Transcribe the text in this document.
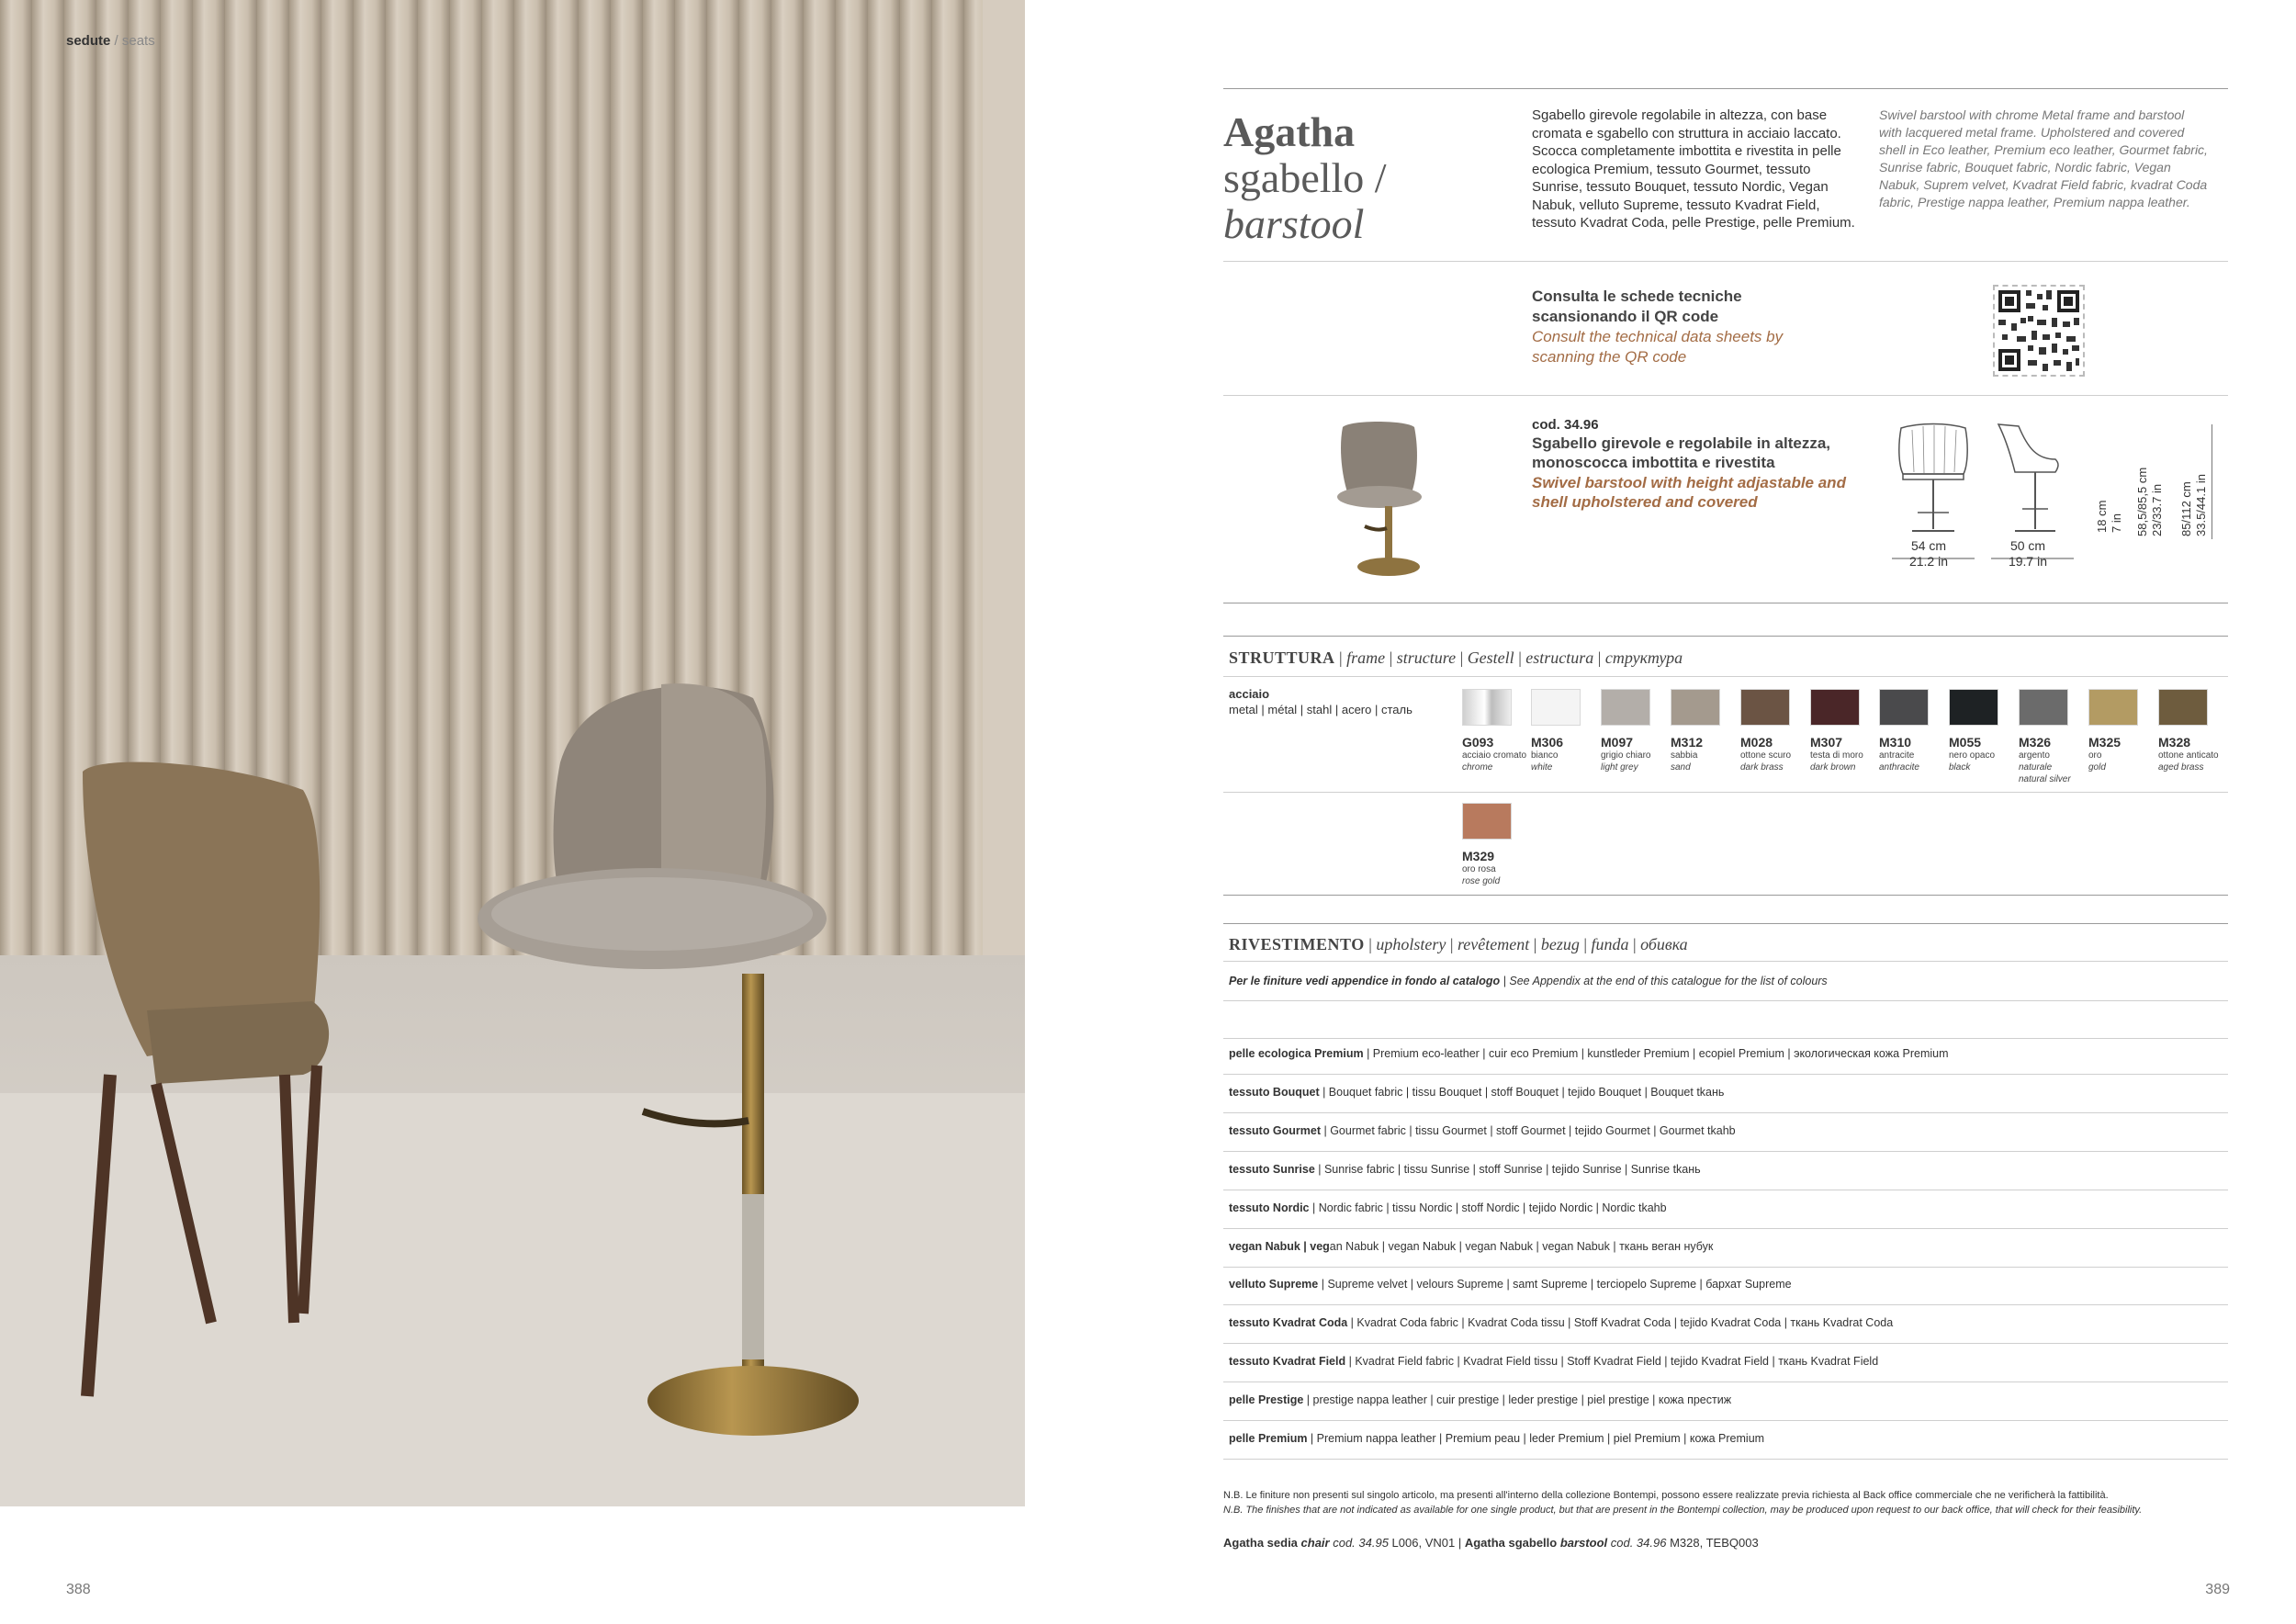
sedute / seats
Agatha
sgabello /
barstool
Sgabello girevole regolabile in altezza, con base cromata e sgabello con struttura in acciaio laccato. Scocca completamente imbottita e rivestita in pelle ecologica Premium, tessuto Gourmet, tessuto Sunrise, tessuto Bouquet, tessuto Nordic, Vegan Nabuk, velluto Supreme, tessuto Kvadrat Field, tessuto Kvadrat Coda, pelle Prestige, pelle Premium.
Swivel barstool with chrome Metal frame and barstool with lacquered metal frame. Upholstered and covered shell in Eco leather, Premium eco leather, Gourmet fabric, Sunrise fabric, Bouquet fabric, Nordic fabric, Vegan Nabuk, Suprem velvet, Kvadrat Field fabric, kvadrat Coda fabric, Prestige nappa leather, Premium nappa leather.
Consulta le schede tecniche scansionando il QR code
Consult the technical data sheets by scanning the QR code
cod. 34.96
Sgabello girevole e regolabile in altezza, monoscocca imbottita e rivestita
Swivel barstool with height adjastable and shell upholstered and covered
54 cm
21.2 in
50 cm
19.7 in
18 cm 7 in 58,5/85,5 cm 23/33.7 in 85/112 cm 33.5/44.1 in
STRUTTURA | frame | structure | Gestell | estructura | структура
acciaio
metal | métal | stahl | acero | сталь
G093
acciaio cromato
chrome
M306
bianco
white
M097
grigio chiaro
light grey
M312
sabbia
sand
M028
ottone scuro
dark brass
M307
testa di moro
dark brown
M310
antracite
anthracite
M055
nero opaco
black
M326
argento
naturale
natural silver
M325
oro
gold
M328
ottone anticato
aged brass
M329
oro rosa
rose gold
RIVESTIMENTO | upholstery | revêtement | bezug | funda | обивка
Per le finiture vedi appendice in fondo al catalogo | See Appendix at the end of this catalogue for the list of colours
pelle ecologica Premium | Premium eco-leather | cuir eco Premium | kunstleder Premium | ecopiel Premium | экологическая кожа Premium
tessuto Bouquet | Bouquet fabric | tissu Bouquet | stoff Bouquet | tejido Bouquet | Bouquet tkaнь
tessuto Gourmet | Gourmet fabric | tissu Gourmet | stoff Gourmet | tejido Gourmet | Gourmet tkahb
tessuto Sunrise | Sunrise fabric | tissu Sunrise | stoff Sunrise | tejido Sunrise | Sunrise tkaнь
tessuto Nordic | Nordic fabric | tissu Nordic | stoff Nordic | tejido Nordic | Nordic tkahb
vegan Nabuk | vegan Nabuk | vegan Nabuk | vegan Nabuk | vegan Nabuk | ткань веган нубук
velluto Supreme | Supreme velvet | velours Supreme | samt Supreme | terciopelo Supreme | бархат Supreme
tessuto Kvadrat Coda | Kvadrat Coda fabric | Kvadrat Coda tissu | Stoff Kvadrat Coda | tejido Kvadrat Coda | ткань Kvadrat Coda
tessuto Kvadrat Field | Kvadrat Field fabric | Kvadrat Field tissu | Stoff Kvadrat Field | tejido Kvadrat Field | ткань Kvadrat Field
pelle Prestige | prestige nappa leather | cuir prestige | leder prestige | piel prestige | кожа престиж
pelle Premium | Premium nappa leather | Premium peau | leder Premium | piel Premium | кожа Premium
N.B. Le finiture non presenti sul singolo articolo, ma presenti all'interno della collezione Bontempi, possono essere realizzate previa richiesta al Back office commerciale che ne verificherà la fattibilità.
N.B. The finishes that are not indicated as available for one single product, but that are present in the Bontempi collection, may be produced upon request to our back office, that will check for their feasibility.
Agatha sedia chair cod. 34.95 L006, VN01 | Agatha sgabello barstool cod. 34.96 M328, TEBQ003
388	389
